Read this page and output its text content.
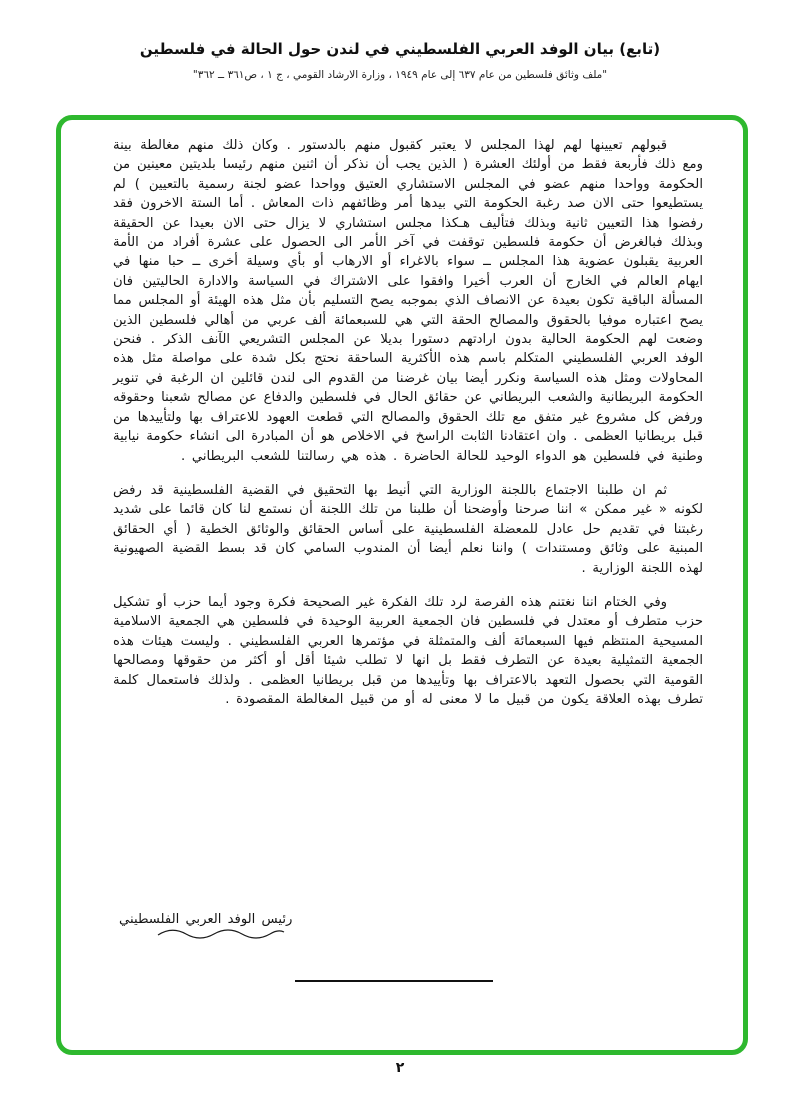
(تابع) بيان الوفد العربي الفلسطيني في لندن حول الحالة في فلسطين
"ملف وثائق فلسطين من عام ٦٣٧ إلى عام ١٩٤٩ ، وزارة الارشاد القومي ، ج ١ ، ص٣٦١ ــ ٣٦٢"

قبولهم تعيينها لهم لهذا المجلس لا يعتبر كقبول منهم بالدستور . وكان ذلك منهم مغالطة بينة ومع ذلك فأربعة فقط من أولئك العشرة ( الذين يجب أن نذكر أن اثنين منهم رئيسا بلديتين معينين من الحكومة وواحدا منهم عضو في المجلس الاستشاري العتيق وواحدا عضو لجنة رسمية بالتعيين ) لم يستطيعوا حتى الان صد رغبة الحكومة التي بيدها أمر وظائفهم ذات المعاش . أما الستة الاخرون فقد رفضوا هذا التعيين ثانية وبذلك فتأليف هـكذا مجلس استشاري لا يزال حتى الان بعيدا عن الحقيقة وبذلك فبالغرض أن حكومة فلسطين توقفت في آخر الأمر الى الحصول على عشرة أفراد من الأمة العربية يقبلون عضوية هذا المجلس ــ سواء بالاغراء أو الارهاب أو بأي وسيلة أخرى ــ حبا منها في ايهام العالم في الخارج أن العرب أخيرا وافقوا على الاشتراك في السياسة والادارة الحاليتين فان المسألة الباقية تكون بعيدة عن الانصاف الذي بموجبه يصح التسليم بأن مثل هذه الهيئة أو المجلس مما يصح اعتباره موفيا بالحقوق والمصالح الحقة التي هي للسبعمائة ألف عربي من أهالي فلسطين الذين وضعت لهم الحكومة الحالية بدون ارادتهم دستورا بديلا عن المجلس التشريعي الآنف الذكر . فنحن الوفد العربي الفلسطيني المتكلم باسم هذه الأكثرية الساحقة نحتج بكل شدة على مواصلة مثل هذه المحاولات ومثل هذه السياسة ونكرر أيضا بيان غرضنا من القدوم الى لندن قائلين ان الرغبة في تنوير الحكومة البريطانية والشعب البريطاني عن حقائق الحال في فلسطين والدفاع عن مصالح شعبنا وحقوقه ورفض كل مشروع غير متفق مع تلك الحقوق والمصالح التي قطعت العهود للاعتراف بها ولتأييدها من قبل بريطانيا العظمى . وان اعتقادنا الثابت الراسخ في الاخلاص هو أن المبادرة الى انشاء حكومة نيابية وطنية في فلسطين هو الدواء الوحيد للحالة الحاضرة . هذه هي رسالتنا للشعب البريطاني .

ثم ان طلبنا الاجتماع باللجنة الوزارية التي أنيط بها التحقيق في القضية الفلسطينية قد رفض لكونه « غير ممكن » اننا صرحنا وأوضحنا أن طلبنا من تلك اللجنة أن نستمع لنا كان قائما على شديد رغبتنا في تقديم حل عادل للمعضلة الفلسطينية على أساس الحقائق والوثائق الخطية ( أي الحقائق المبنية على وثائق ومستندات ) واننا نعلم أيضا أن المندوب السامي كان قد بسط القضية الصهيونية لهذه اللجنة الوزارية .

وفي الختام اننا نغتنم هذه الفرصة لرد تلك الفكرة غير الصحيحة فكرة وجود أيما حزب أو تشكيل حزب متطرف أو معتدل في فلسطين فان الجمعية العربية الوحيدة في فلسطين هي الجمعية الاسلامية المسيحية المنتظم فيها السبعمائة ألف والمتمثلة في مؤتمرها العربي الفلسطيني . وليست هيئات هذه الجمعية التمثيلية بعيدة عن التطرف فقط بل انها لا تطلب شيئا أقل أو أكثر من حقوقها ومصالحها القومية التي بحصول التعهد بالاعتراف بها وتأييدها من قبل بريطانيا العظمى . ولذلك فاستعمال كلمة تطرف بهذه العلاقة يكون من قبيل ما لا معنى له أو من قبيل المغالطة المقصودة .

رئيس الوفد العربي الفلسطيني
٢
